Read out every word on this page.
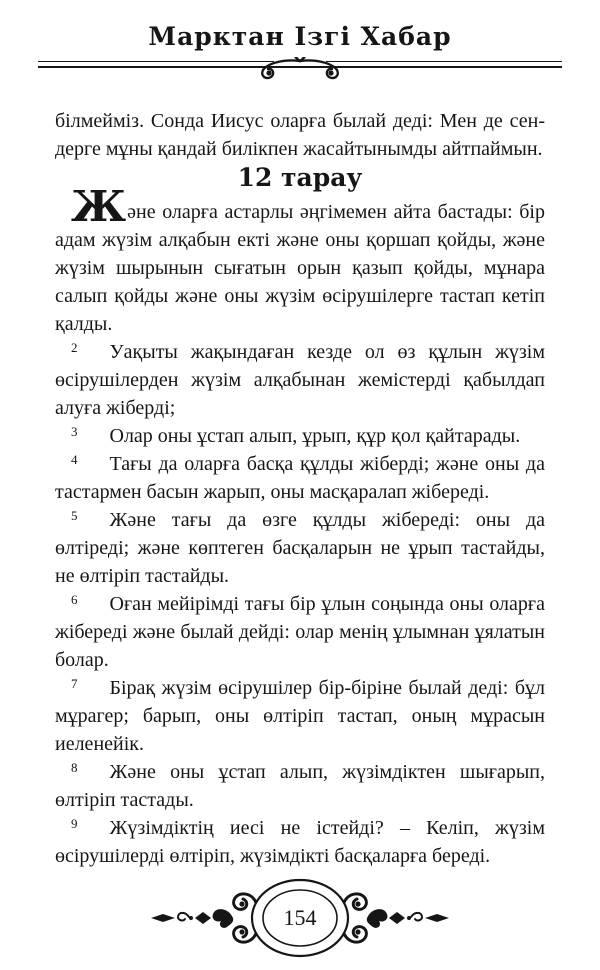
Марктан Ізгі Хабар

білмейміз. Сонда Иисус оларға былай деді: Мен де сен-дерге мұны қандай билікпен жасайтынымды айтпаймын.

12 тарау

Және оларға астарлы әңгімемен айта бастады: бір адам жүзім алқабын екті және оны қоршап қойды, және жүзім шырынын сығатын орын қазып қойды, мұнара салып қойды және оны жүзім өсірушілерге тастап кетіп қалды.

$^2$ Уақыты жақындаған кезде ол өз құлын жүзім өсірушілерден жүзім алқабынан жемістерді қабылдап алуға жіберді;

$^3$ Олар оны ұстап алып, ұрып, құр қол қайтарады.

$^4$ Тағы да оларға басқа құлды жіберді; және оны да тастармен басын жарып, оны масқаралап жібереді.

$^5$ Және тағы да өзге құлды жібереді: оны да өлтіреді; және көптеген басқаларын не ұрып тастайды, не өлтіріп тастайды.

$^6$ Оған мейірімді тағы бір ұлын соңында оны оларға жібереді және былай дейді: олар менің ұлымнан ұялатын болар.

$^7$ Бірақ жүзім өсірушілер бір-біріне былай деді: бұл мұрагер; барып, оны өлтіріп тастап, оның мұрасын иеленейік.

$^8$ Және оны ұстап алып, жүзімдіктен шығарып, өлтіріп тастады.

$^9$ Жүзімдіктің иесі не істейді? – Келіп, жүзім өсірушілерді өлтіріп, жүзімдікті басқаларға береді.

154
